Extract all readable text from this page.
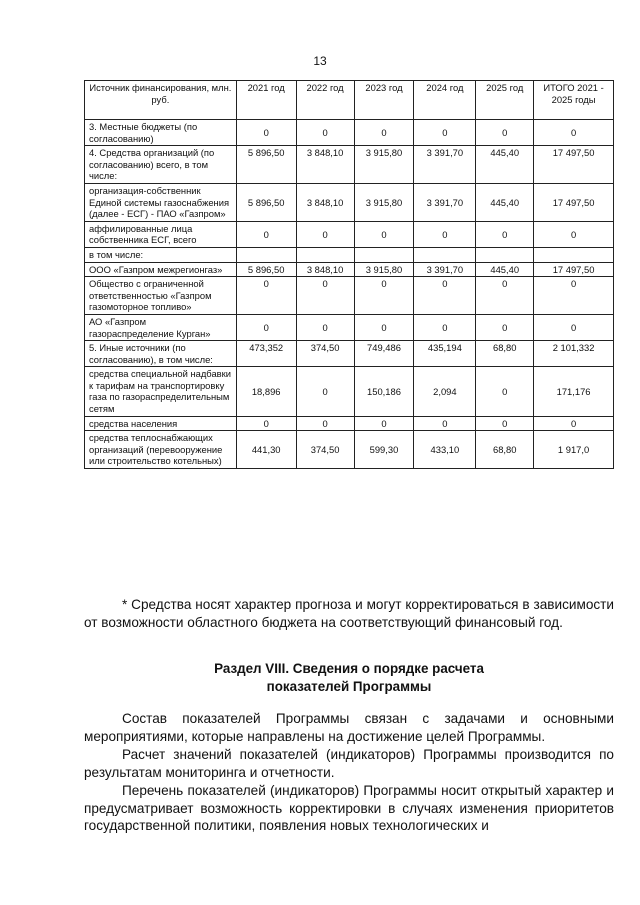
13
Источник финансирования, млн. руб.	2021 год	2022 год	2023 год	2024 год	2025 год	ИТОГО 2021 - 2025 годы
3. Местные бюджеты (по согласованию)	0	0	0	0	0	0
4. Средства организаций (по согласованию) всего, в том числе:	5 896,50	3 848,10	3 915,80	3 391,70	445,40	17 497,50
организация-собственник Единой системы газоснабжения (далее - ЕСГ) - ПАО «Газпром»	5 896,50	3 848,10	3 915,80	3 391,70	445,40	17 497,50
аффилированные лица собственника ЕСГ, всего	0	0	0	0	0	0
в том числе:						
ООО «Газпром межрегионгаз»	5 896,50	3 848,10	3 915,80	3 391,70	445,40	17 497,50
Общество с ограниченной ответственностью «Газпром газомоторное топливо»	0	0	0	0	0	0
АО «Газпром газораспределение Курган»	0	0	0	0	0	0
5. Иные источники (по согласованию), в том числе:	473,352	374,50	749,486	435,194	68,80	2 101,332
средства специальной надбавки к тарифам на транспортировку газа по газораспределительным сетям	18,896	0	150,186	2,094	0	171,176
средства населения	0	0	0	0	0	0
средства теплоснабжающих организаций (перевооружение или строительство котельных)	441,30	374,50	599,30	433,10	68,80	1 917,0
* Средства носят характер прогноза и могут корректироваться в зависимости от возможности областного бюджета на соответствующий финансовый год.
Раздел VIII. Сведения о порядке расчета
показателей Программы

Состав показателей Программы связан с задачами и основными мероприятиями, которые направлены на достижение целей Программы.

Расчет значений показателей (индикаторов) Программы производится по результатам мониторинга и отчетности.

Перечень показателей (индикаторов) Программы носит открытый характер и предусматривает возможность корректировки в случаях изменения приоритетов государственной политики, появления новых технологических и
